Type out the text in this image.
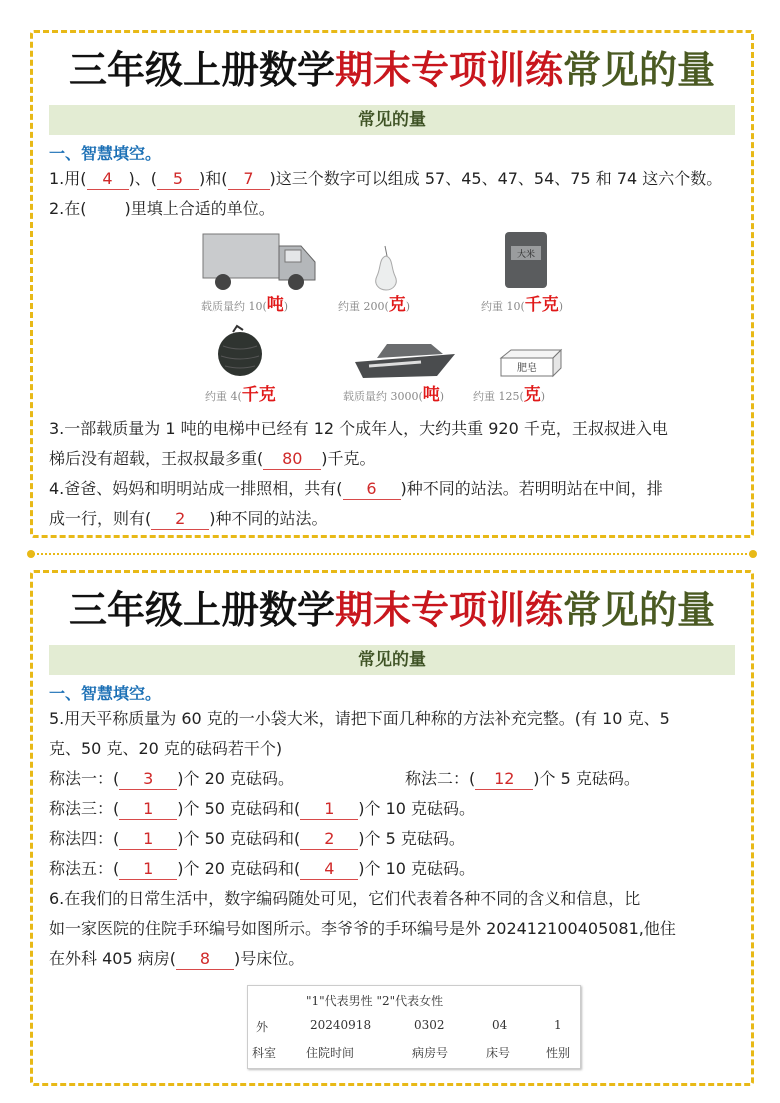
三年级上册数学期末专项训练常见的量
常见的量
一、智慧填空。
1.用( 4 )、( 5 )和( 7 )这三个数字可以组成 57、45、47、54、75 和 74 这六个数。
2.在( )里填上合适的单位。
载质量约 10(吨)	约重 200(克)
大米
约重 10(千克)
约重 4(千克	载质量约 3000(吨)
肥皂
约重 125(克)
3.一部载质量为 1 吨的电梯中已经有 12 个成年人，大约共重 920 千克，王叔叔进入电
梯后没有超载，王叔叔最多重( 80 )千克。
4.爸爸、妈妈和明明站成一排照相，共有( 6 )种不同的站法。若明明站在中间，排
成一行，则有( 2 )种不同的站法。
三年级上册数学期末专项训练常见的量
常见的量
一、智慧填空。
5.用天平称质量为 60 克的一小袋大米，请把下面几种称的方法补充完整。(有 10 克、5
克、50 克、20 克的砝码若干个)
称法一：( 3 )个 20 克砝码。	称法二：( 12 )个 5 克砝码。
称法三：( 1 )个 50 克砝码和( 1 )个 10 克砝码。
称法四：( 1 )个 50 克砝码和( 2 )个 5 克砝码。
称法五：( 1 )个 20 克砝码和( 4 )个 10 克砝码。
6.在我们的日常生活中，数字编码随处可见，它们代表着各种不同的含义和信息，比
如一家医院的住院手环编号如图所示。李爷爷的手环编号是外 20241210040508​1,他住
在外科 405 病房( 8 )号床位。
"1"代表男性 "2"代表女性
外	20240918	0302	04	1
科室 住院时间	病房号	床号	性别
